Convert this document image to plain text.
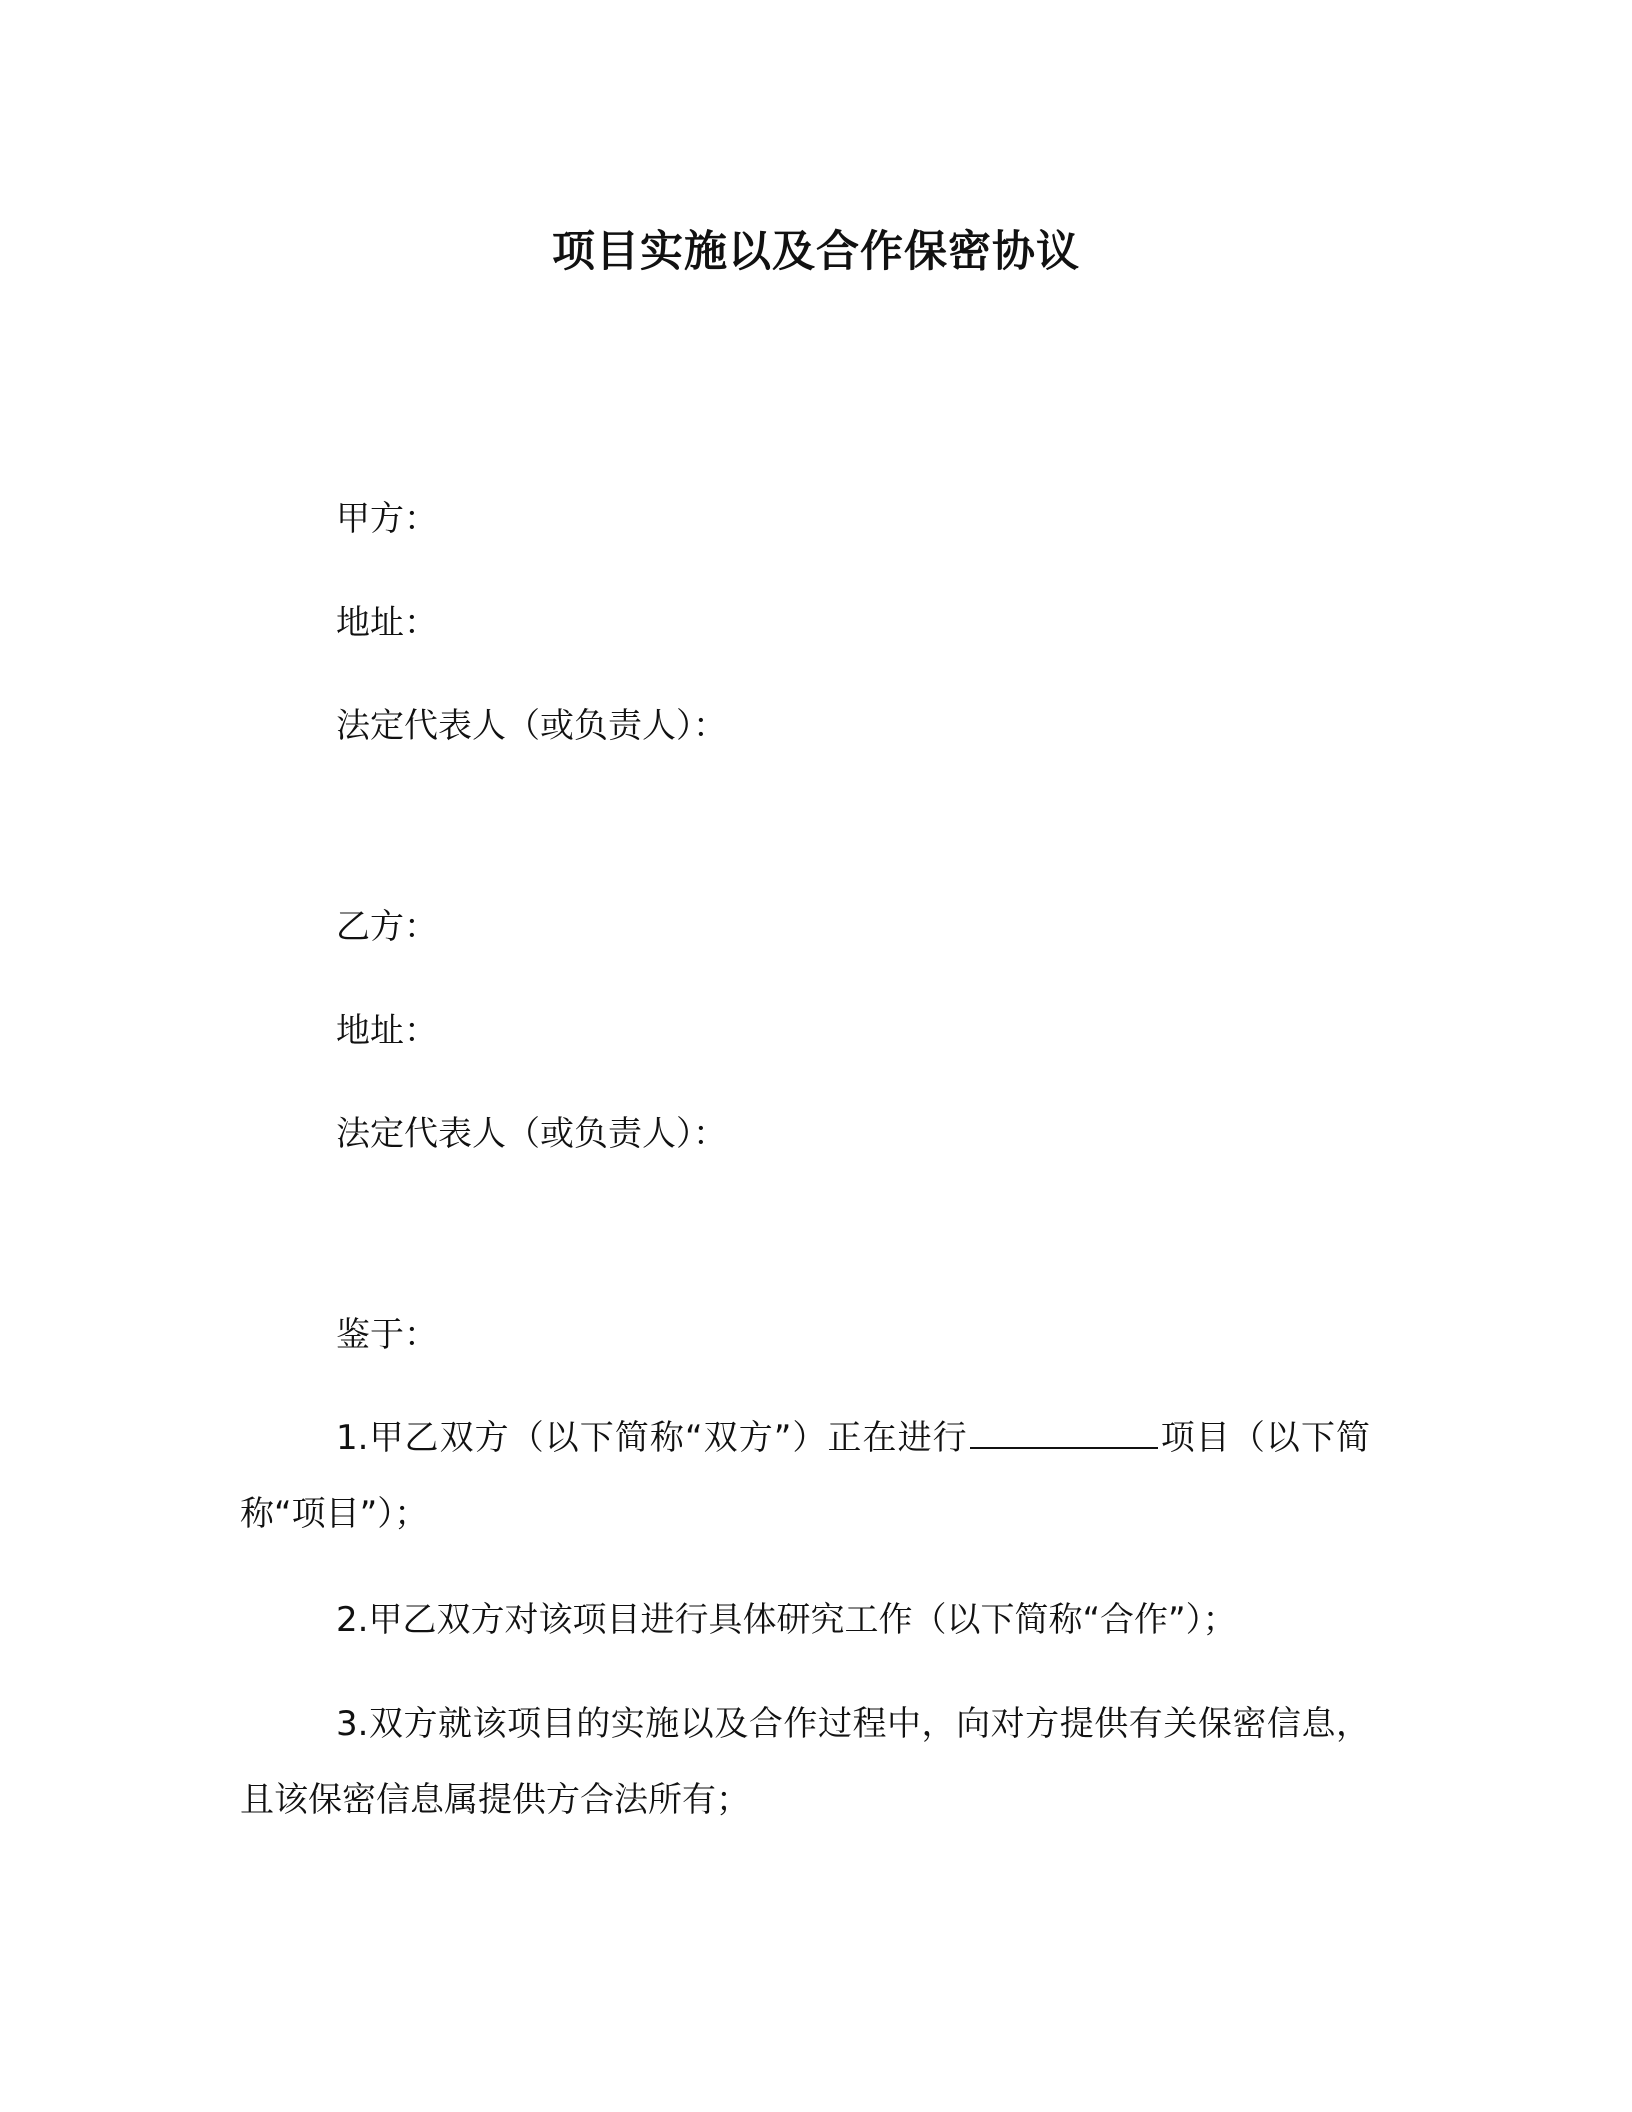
项目实施以及合作保密协议
甲方：
地址：
法定代表人（或负责人）：
乙方：
地址：
法定代表人（或负责人）：
鉴于：
1.甲乙双方（以下简称“双方”）正在进行	项目（以下简称“项目”）；
2.甲乙双方对该项目进行具体研究工作（以下简称“合作”）；
3.双方就该项目的实施以及合作过程中，向对方提供有关保密信息，且该保密信息属提供方合法所有；
